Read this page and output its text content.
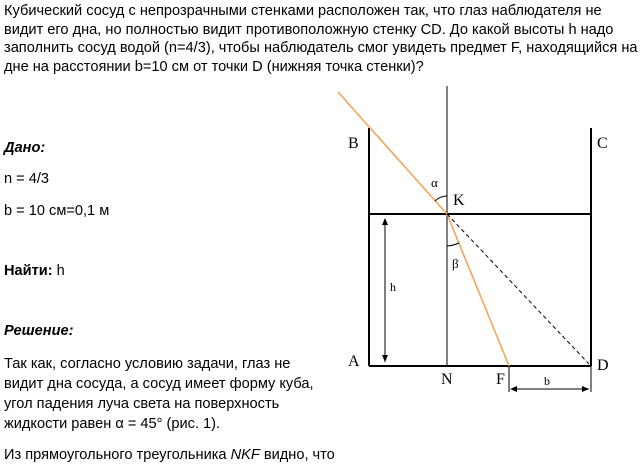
Кубический сосуд с непрозрачными стенками расположен так, что глаз наблюдателя не видит его дна, но полностью видит противоположную стенку CD. До какой высоты h надо заполнить сосуд водой (n=4/3), чтобы наблюдатель смог увидеть предмет F, находящийся на дне на расстоянии b=10 см от точки D (нижняя точка стенки)?

Дано:
n = 4/3
b = 10 см=0,1 м
Найти: h
Решение:

Так как, согласно условию задачи, глаз не видит дна сосуда, а сосуд имеет форму куба, угол падения луча света на поверхность жидкости равен α = 45° (рис. 1).

Из прямоугольного треугольника NKF видно, что
B	C
A	D
K
N	F
α
β
h
b
